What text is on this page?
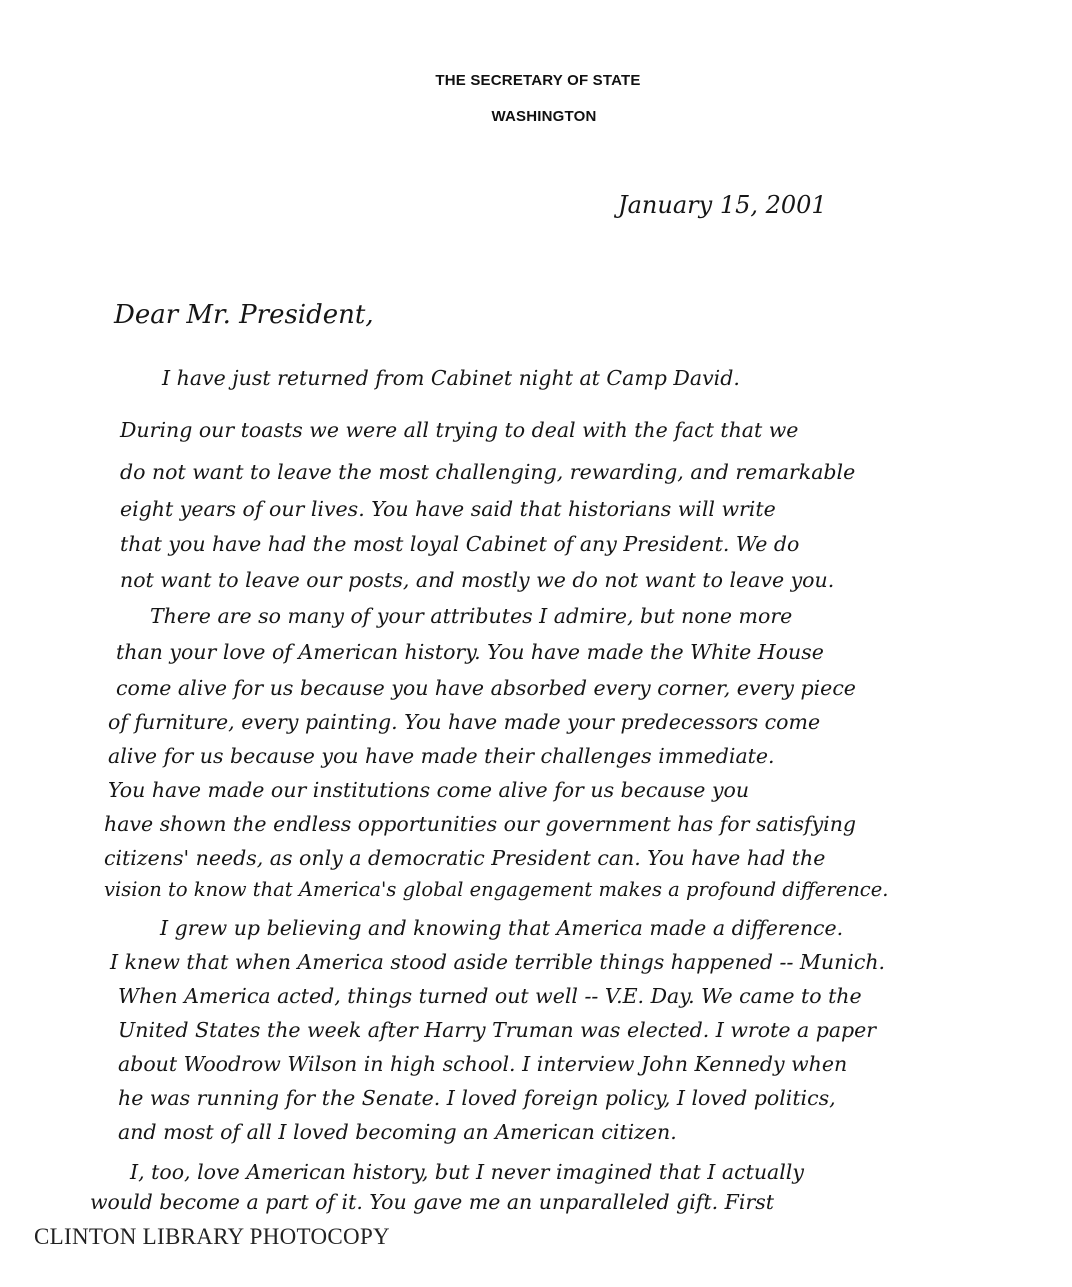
THE SECRETARY OF STATE
WASHINGTON
January 15, 2001
Dear Mr. President,
I have just returned from Cabinet night at Camp David.
During our toasts we were all trying to deal with the fact that we
do not want to leave the most challenging, rewarding, and remarkable
eight years of our lives. You have said that historians will write
that you have had the most loyal Cabinet of any President. We do
not want to leave our posts, and mostly we do not want to leave you.
There are so many of your attributes I admire, but none more
than your love of American history. You have made the White House
come alive for us because you have absorbed every corner, every piece
of furniture, every painting. You have made your predecessors come
alive for us because you have made their challenges immediate.
You have made our institutions come alive for us because you
have shown the endless opportunities our government has for satisfying
citizens' needs, as only a democratic President can. You have had the
vision to know that America's global engagement makes a profound difference.
I grew up believing and knowing that America made a difference.
I knew that when America stood aside terrible things happened -- Munich.
When America acted, things turned out well -- V.E. Day. We came to the
United States the week after Harry Truman was elected. I wrote a paper
about Woodrow Wilson in high school. I interview John Kennedy when
he was running for the Senate. I loved foreign policy, I loved politics,
and most of all I loved becoming an American citizen.
I, too, love American history, but I never imagined that I actually
would become a part of it. You gave me an unparalleled gift. First
CLINTON LIBRARY PHOTOCOPY
